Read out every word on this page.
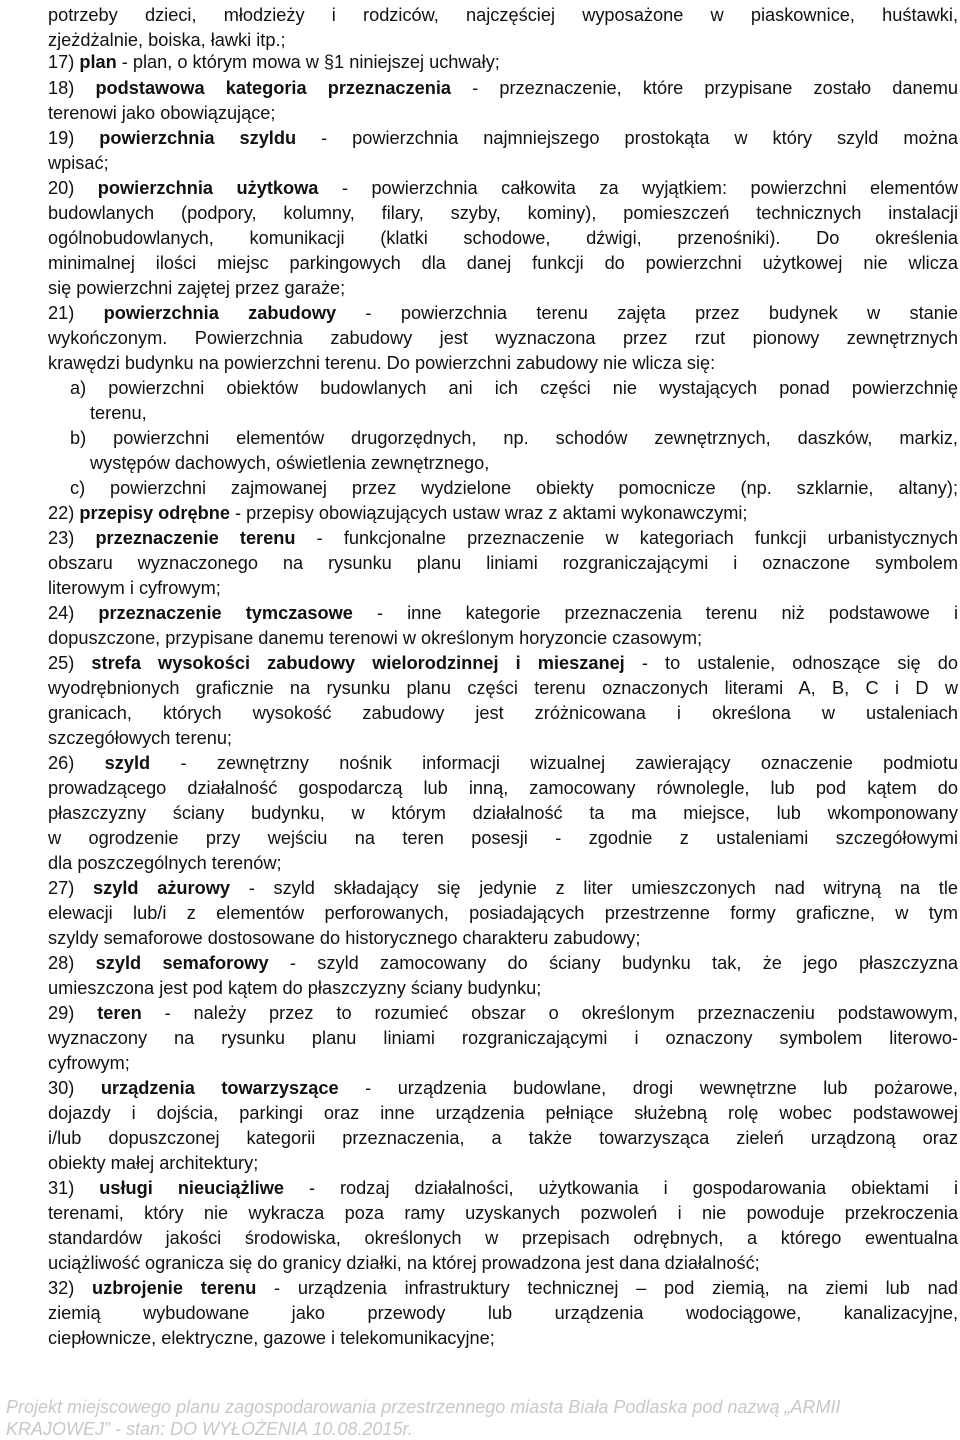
potrzeby dzieci, młodzieży i rodziców, najczęściej wyposażone w piaskownice, huśtawki,
zjeżdżalnie, boiska, ławki itp.;
17) plan - plan, o którym mowa w §1 niniejszej uchwały;
18) podstawowa kategoria przeznaczenia - przeznaczenie, które przypisane zostało danemu
terenowi jako obowiązujące;
19) powierzchnia szyldu - powierzchnia najmniejszego prostokąta w który szyld można
wpisać;
20) powierzchnia użytkowa - powierzchnia całkowita za wyjątkiem: powierzchni elementów
budowlanych (podpory, kolumny, filary, szyby, kominy), pomieszczeń technicznych instalacji
ogólnobudowlanych, komunikacji (klatki schodowe, dźwigi, przenośniki). Do określenia
minimalnej ilości miejsc parkingowych dla danej funkcji do powierzchni użytkowej nie wlicza
się powierzchni zajętej przez garaże;
21) powierzchnia zabudowy - powierzchnia terenu zajęta przez budynek w stanie
wykończonym. Powierzchnia zabudowy jest wyznaczona przez rzut pionowy zewnętrznych
krawędzi budynku na powierzchni terenu. Do powierzchni zabudowy nie wlicza się:
a) powierzchni obiektów budowlanych ani ich części nie wystających ponad powierzchnię
terenu,
b) powierzchni elementów drugorzędnych, np. schodów zewnętrznych, daszków, markiz,
występów dachowych, oświetlenia zewnętrznego,
c) powierzchni zajmowanej przez wydzielone obiekty pomocnicze (np. szklarnie, altany);
22) przepisy odrębne - przepisy obowiązujących ustaw wraz z aktami wykonawczymi;
23) przeznaczenie terenu - funkcjonalne przeznaczenie w kategoriach funkcji urbanistycznych
obszaru wyznaczonego na rysunku planu liniami rozgraniczającymi i oznaczone symbolem
literowym i cyfrowym;
24) przeznaczenie tymczasowe - inne kategorie przeznaczenia terenu niż podstawowe i
dopuszczone, przypisane danemu terenowi w określonym horyzoncie czasowym;
25) strefa wysokości zabudowy wielorodzinnej i mieszanej - to ustalenie, odnoszące się do
wyodrębnionych graficznie na rysunku planu części terenu oznaczonych literami A, B, C i D w
granicach, których wysokość zabudowy jest zróżnicowana i określona w ustaleniach
szczegółowych terenu;
26) szyld - zewnętrzny nośnik informacji wizualnej zawierający oznaczenie podmiotu
prowadzącego działalność gospodarczą lub inną, zamocowany równolegle, lub pod kątem do
płaszczyzny ściany budynku, w którym działalność ta ma miejsce, lub wkomponowany
w ogrodzenie przy wejściu na teren posesji - zgodnie z ustaleniami szczegółowymi
dla poszczególnych terenów;
27) szyld ażurowy - szyld składający się jedynie z liter umieszczonych nad witryną na tle
elewacji lub/i z elementów perforowanych, posiadających przestrzenne formy graficzne, w tym
szyldy semaforowe dostosowane do historycznego charakteru zabudowy;
28) szyld semaforowy - szyld zamocowany do ściany budynku tak, że jego płaszczyzna
umieszczona jest pod kątem do płaszczyzny ściany budynku;
29) teren - należy przez to rozumieć obszar o określonym przeznaczeniu podstawowym,
wyznaczony na rysunku planu liniami rozgraniczającymi i oznaczony symbolem literowo-
cyfrowym;
30) urządzenia towarzyszące - urządzenia budowlane, drogi wewnętrzne lub pożarowe,
dojazdy i dojścia, parkingi oraz inne urządzenia pełniące służebną rolę wobec podstawowej
i/lub dopuszczonej kategorii przeznaczenia, a także towarzysząca zieleń urządzoną oraz
obiekty małej architektury;
31) usługi nieuciążliwe - rodzaj działalności, użytkowania i gospodarowania obiektami i
terenami, który nie wykracza poza ramy uzyskanych pozwoleń i nie powoduje przekroczenia
standardów jakości środowiska, określonych w przepisach odrębnych, a którego ewentualna
uciążliwość ogranicza się do granicy działki, na której prowadzona jest dana działalność;
32) uzbrojenie terenu - urządzenia infrastruktury technicznej – pod ziemią, na ziemi lub nad
ziemią wybudowane jako przewody lub urządzenia wodociągowe, kanalizacyjne,
ciepłownicze, elektryczne, gazowe i telekomunikacyjne;
Projekt miejscowego planu zagospodarowania przestrzennego miasta Biała Podlaska pod nazwą „ARMII
KRAJOWEJ” - stan: DO WYŁOŻENIA 10.08.2015r.
